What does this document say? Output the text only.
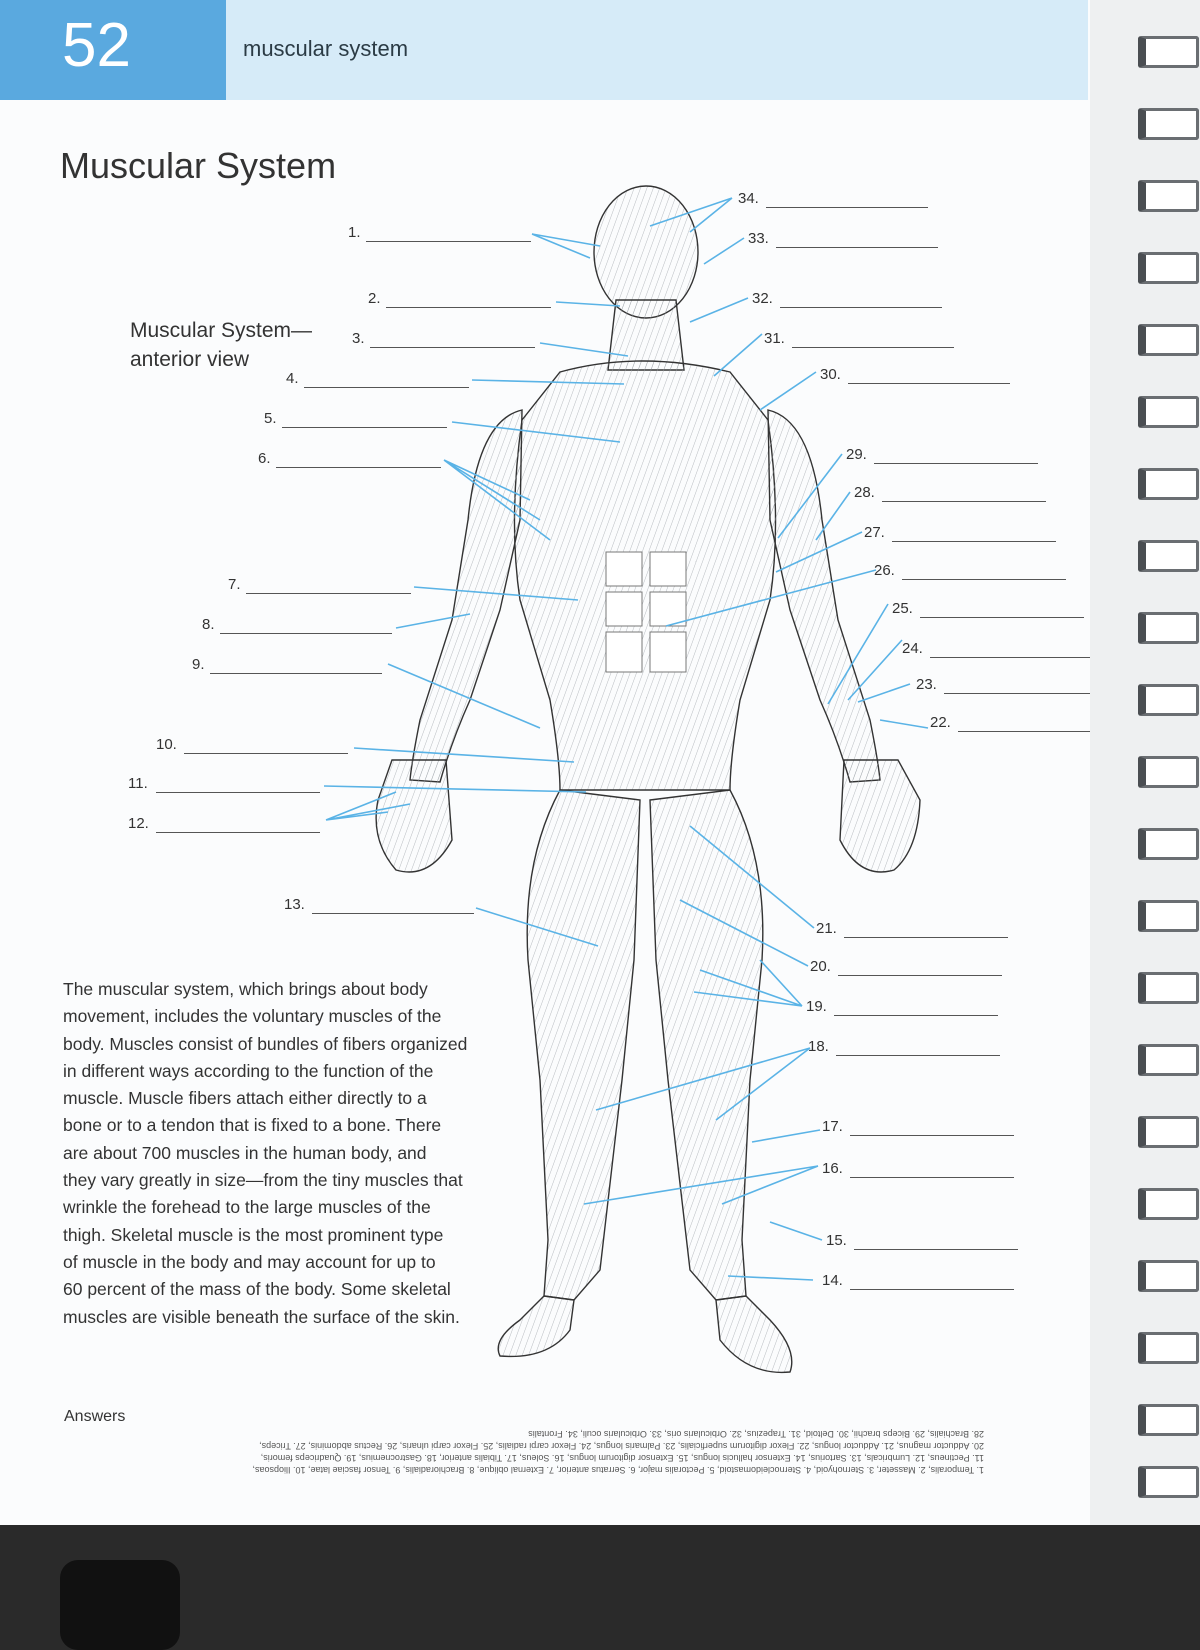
52	muscular system
Muscular System
Muscular System—
anterior view
1.
2.
3.
4.
5.
6.
7.
8.
9.
10.
11.
12.
13.
14.
15.
16.
17.
18.
19.
20.
21.
22.
23.
24.
25.
26.
27.
28.
29.
30.
31.
32.
33.
34.
The muscular system, which brings about body
movement, includes the voluntary muscles of the
body. Muscles consist of bundles of fibers organized
in different ways according to the function of the
muscle. Muscle fibers attach either directly to a
bone or to a tendon that is fixed to a bone. There
are about 700 muscles in the human body, and
they vary greatly in size—from the tiny muscles that
wrinkle the forehead to the large muscles of the
thigh. Skeletal muscle is the most prominent type
of muscle in the body and may account for up to
60 percent of the mass of the body. Some skeletal
muscles are visible beneath the surface of the skin.
Answers
1. Temporalis, 2. Masseter, 3. Sternohyoid, 4. Sternocleidomastoid, 5. Pectoralis major, 6. Serratus anterior, 7. External oblique, 8. Brachioradialis, 9. Tensor fasciae latae, 10. Iliopsoas,
11. Pectineus, 12. Lumbricals, 13. Sartorius, 14. Extensor hallucis longus, 15. Extensor digitorum longus, 16. Soleus, 17. Tibialis anterior, 18. Gastrocnemius, 19. Quadriceps femoris,
20. Adductor magnus, 21. Adductor longus, 22. Flexor digitorum superficialis, 23. Palmaris longus, 24. Flexor carpi radialis, 25. Flexor carpi ulnaris, 26. Rectus abdominis, 27. Triceps,
28. Brachialis, 29. Biceps brachii, 30. Deltoid, 31. Trapezius, 32. Orbicularis oris, 33. Orbicularis oculi, 34. Frontalis
